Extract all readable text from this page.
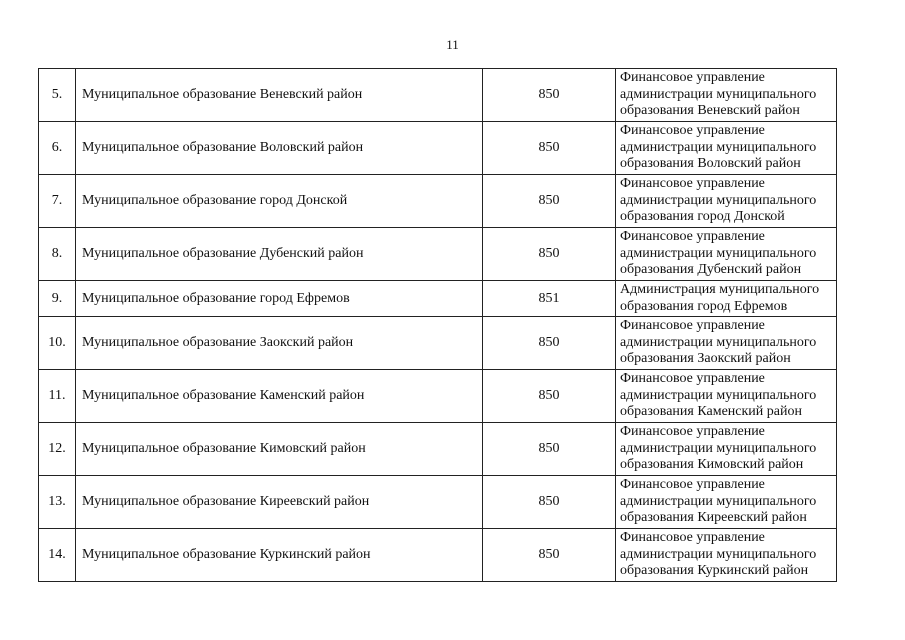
11
5.	Муниципальное образование Веневский район	850	Финансовое управление
администрации муниципального
образования Веневский район

6.	Муниципальное образование Воловский район	850	Финансовое управление
администрации муниципального
образования Воловский район

7.	Муниципальное образование город Донской	850	Финансовое управление
администрации муниципального
образования город Донской

8.	Муниципальное образование Дубенский район	850	Финансовое управление
администрации муниципального
образования Дубенский район

9.	Муниципальное образование город Ефремов	851	Администрация муниципального
образования город Ефремов

10.	Муниципальное образование Заокский район	850	Финансовое управление
администрации муниципального
образования Заокский район

11.	Муниципальное образование Каменский район	850	Финансовое управление
администрации муниципального
образования Каменский район

12.	Муниципальное образование Кимовский район	850	Финансовое управление
администрации муниципального
образования Кимовский район

13.	Муниципальное образование Киреевский район	850	Финансовое управление
администрации муниципального
образования Киреевский район

14.	Муниципальное образование Куркинский район	850	Финансовое управление
администрации муниципального
образования Куркинский район
